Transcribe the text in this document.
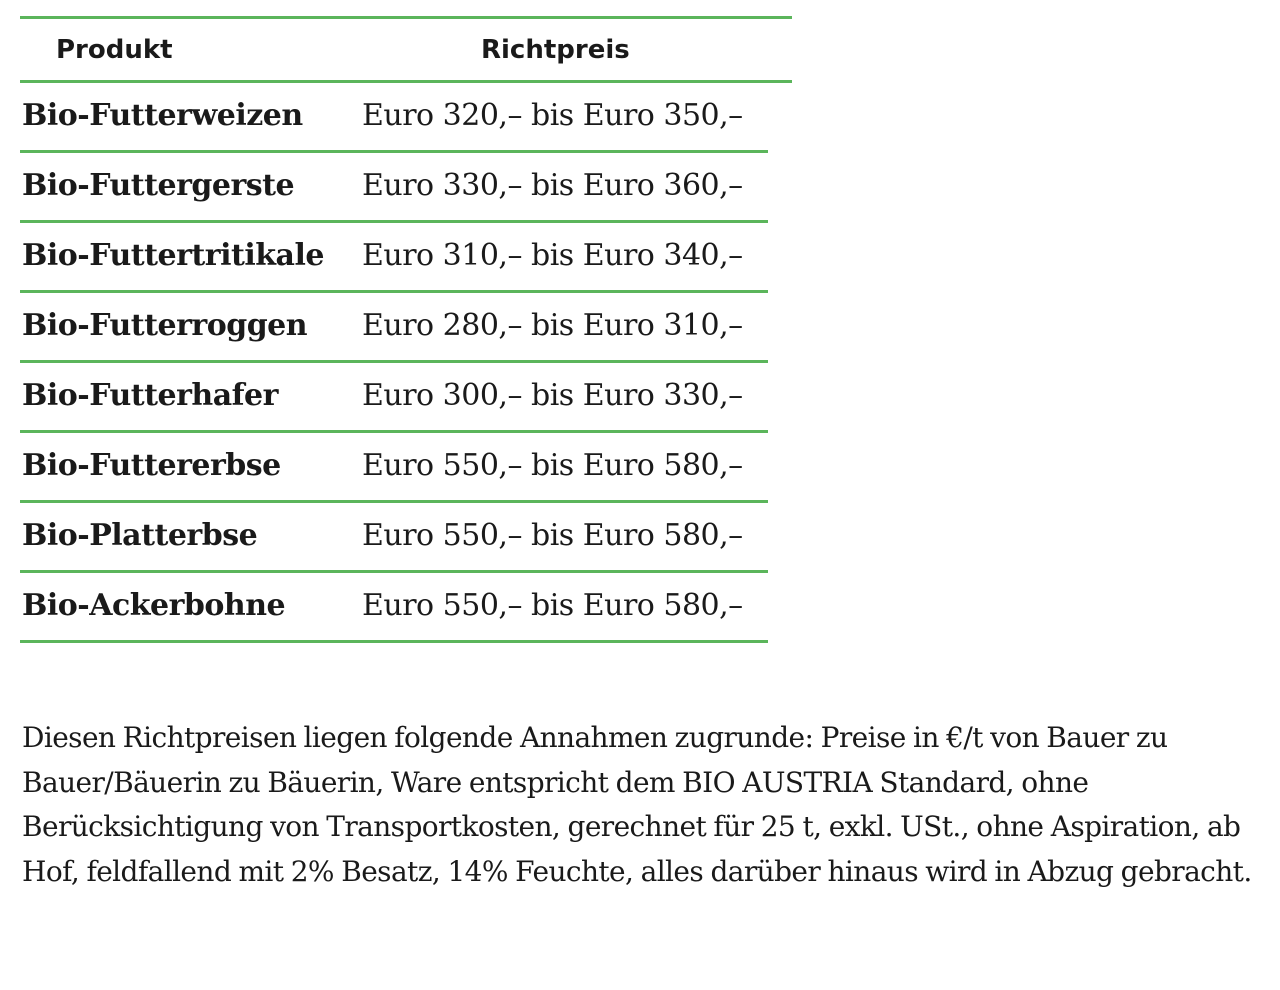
Produkt	Richtpreis
Bio-Futterweizen Euro 320,– bis Euro 350,–
Bio-Futtergerste Euro 330,– bis Euro 360,–
Bio-Futtertritikale Euro 310,– bis Euro 340,–
Bio-Futterroggen Euro 280,– bis Euro 310,–
Bio-Futterhafer	Euro 300,– bis Euro 330,–
Bio-Futtererbse	Euro 550,– bis Euro 580,–
Bio-Platterbse	Euro 550,– bis Euro 580,–
Bio-Ackerbohne	Euro 550,– bis Euro 580,–

Diesen Richtpreisen liegen folgende Annahmen zugrunde: Preise in €/t von Bauer zu Bauer/Bäuerin zu Bäuerin, Ware entspricht dem BIO AUSTRIA Standard, ohne Berücksichtigung von Transportkosten, gerechnet für 25 t, exkl. USt., ohne Aspiration, ab Hof, feldfallend mit 2% Besatz, 14% Feuchte, alles darüber hinaus wird in Abzug gebracht.
